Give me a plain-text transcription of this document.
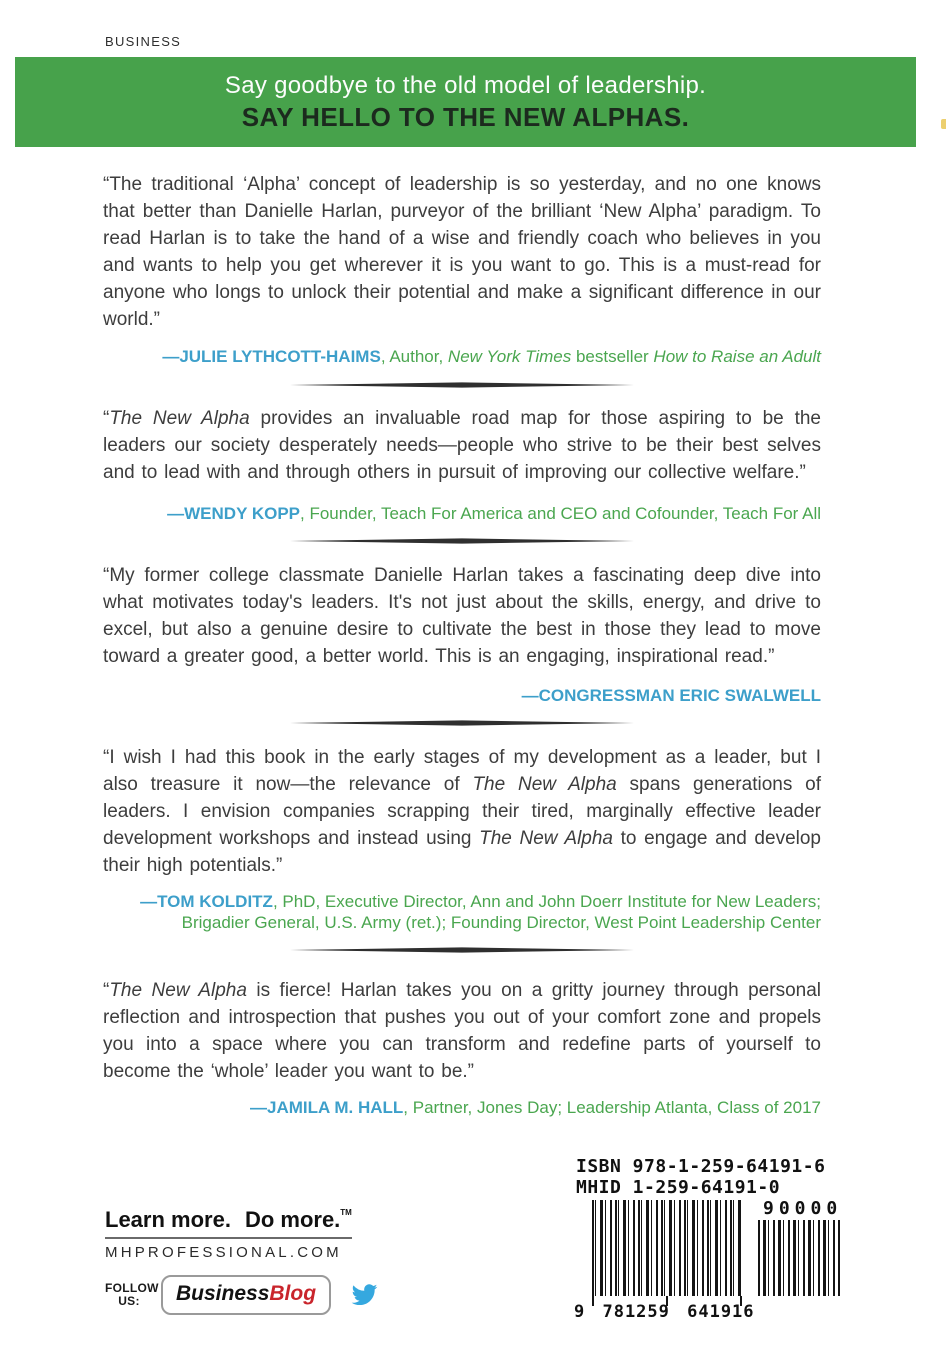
BUSINESS
Say goodbye to the old model of leadership.
SAY HELLO TO THE NEW ALPHAS.

“The traditional ‘Alpha’ concept of leadership is so yesterday, and no one knows that better than Danielle Harlan, purveyor of the brilliant ‘New Alpha’ paradigm. To read Harlan is to take the hand of a wise and friendly coach who believes in you and wants to help you get wherever it is you want to go. This is a must-read for anyone who longs to unlock their potential and make a significant difference in our world.”

—JULIE LYTHCOTT-HAIMS, Author, New York Times bestseller How to Raise an Adult

“The New Alpha provides an invaluable road map for those aspiring to be the leaders our society desperately needs—people who strive to be their best selves and to lead with and through others in pursuit of improving our collective welfare.”

—WENDY KOPP, Founder, Teach For America and CEO and Cofounder, Teach For All

“My former college classmate Danielle Harlan takes a fascinating deep dive into what motivates today's leaders. It's not just about the skills, energy, and drive to excel, but also a genuine desire to cultivate the best in those they lead to move toward a greater good, a better world. This is an engaging, inspirational read.”

—CONGRESSMAN ERIC SWALWELL

“I wish I had this book in the early stages of my development as a leader, but I also treasure it now—the relevance of The New Alpha spans generations of leaders. I envision companies scrapping their tired, marginally effective leader development workshops and instead using The New Alpha to engage and develop their high potentials.”

—TOM KOLDITZ, PhD, Executive Director, Ann and John Doerr Institute for New Leaders; Brigadier General, U.S. Army (ret.); Founding Director, West Point Leadership Center

“The New Alpha is fierce! Harlan takes you on a gritty journey through personal reflection and introspection that pushes you out of your comfort zone and propels you into a space where you can transform and redefine parts of yourself to become the ‘whole’ leader you want to be.”

—JAMILA M. HALL, Partner, Jones Day; Leadership Atlanta, Class of 2017

Learn more. Do more.™
MHPROFESSIONAL.COM
FOLLOW
US:	BusinessBlog
ISBN 978-1-259-64191-6
MHID 1-259-64191-0
90000
9 781259 641916
